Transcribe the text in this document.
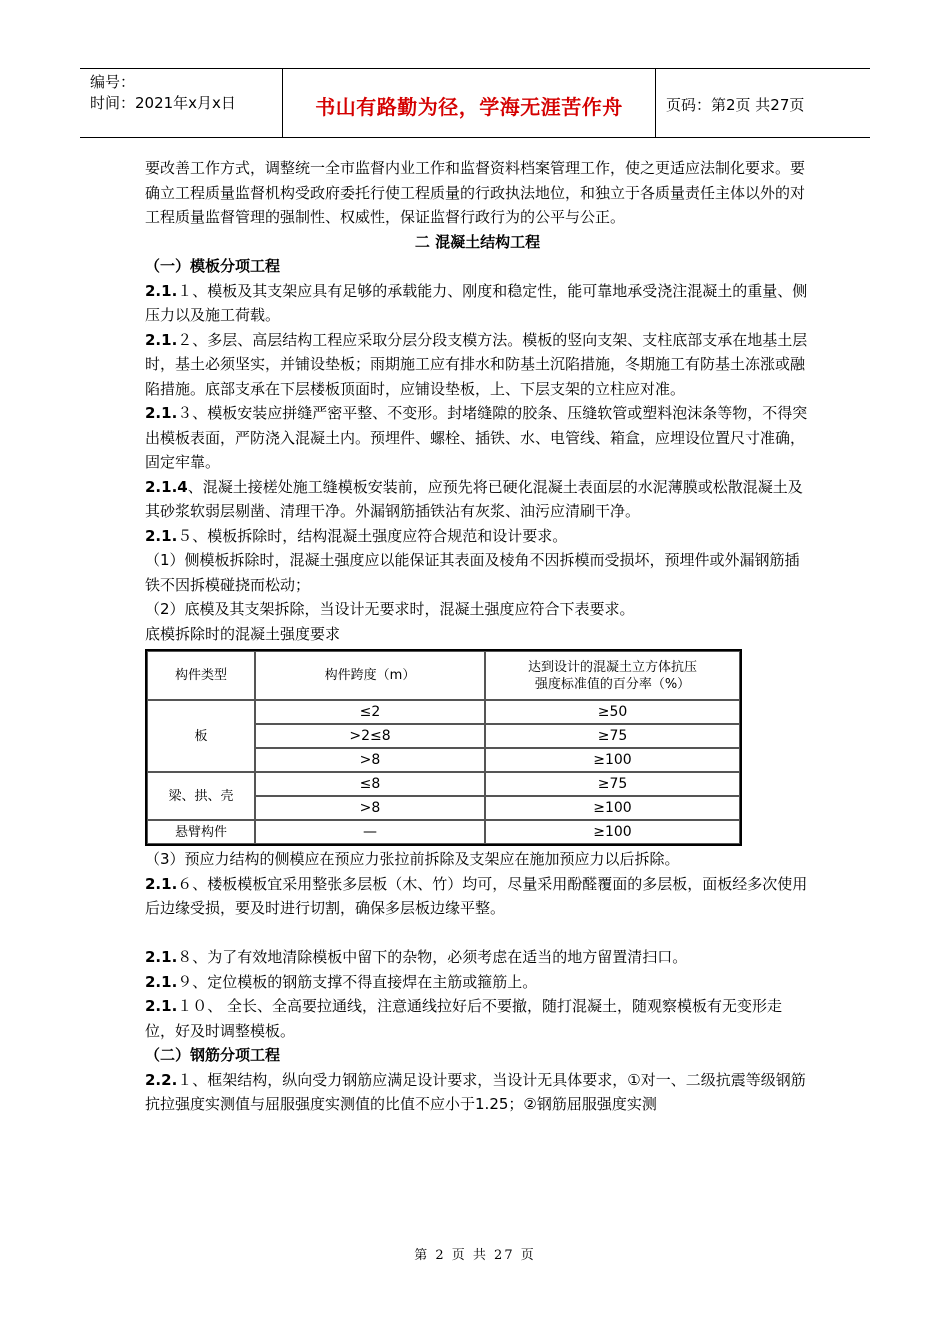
编号：
时间：2021年x月x日	书山有路勤为径，学海无涯苦作舟	页码：第2页 共27页

要改善工作方式，调整统一全市监督内业工作和监督资料档案管理工作，使之更适应法制化要求。要确立工程质量监督机构受政府委托行使工程质量的行政执法地位，和独立于各质量责任主体以外的对工程质量监督管理的强制性、权威性，保证监督行政行为的公平与公正。

二 混凝土结构工程

（一）模板分项工程

2.1.１、模板及其支架应具有足够的承载能力、刚度和稳定性，能可靠地承受浇注混凝土的重量、侧压力以及施工荷载。

2.1.２、多层、高层结构工程应采取分层分段支模方法。模板的竖向支架、支柱底部支承在地基土层时，基土必须坚实，并铺设垫板；雨期施工应有排水和防基土沉陷措施，冬期施工有防基土冻涨或融陷措施。底部支承在下层楼板顶面时，应铺设垫板，上、下层支架的立柱应对准。

2.1.３、模板安装应拼缝严密平整、不变形。封堵缝隙的胶条、压缝软管或塑料泡沫条等物，不得突出模板表面，严防浇入混凝土内。预埋件、螺栓、插铁、水、电管线、箱盒，应埋设位置尺寸准确，固定牢靠。

2.1.4、混凝土接槎处施工缝模板安装前，应预先将已硬化混凝土表面层的水泥薄膜或松散混凝土及其砂浆软弱层剔凿、清理干净。外漏钢筋插铁沾有灰浆、油污应清刷干净。

2.1.５、模板拆除时，结构混凝土强度应符合规范和设计要求。

（1）侧模板拆除时，混凝土强度应以能保证其表面及棱角不因拆模而受损坏，预埋件或外漏钢筋插铁不因拆模碰挠而松动；

（2）底模及其支架拆除，当设计无要求时，混凝土强度应符合下表要求。

底模拆除时的混凝土强度要求

构件类型	构件跨度（m）	达到设计的混凝土立方体抗压
强度标准值的百分率（%）
板	≤2	≥50
	>2≤8	≥75
	>8	≥100
梁、拱、壳	≤8	≥75
	>8	≥100
悬臂构件	—	≥100

（3）预应力结构的侧模应在预应力张拉前拆除及支架应在施加预应力以后拆除。

2.1.６、楼板模板宜采用整张多层板（木、竹）均可，尽量采用酚醛覆面的多层板，面板经多次使用后边缘受损，要及时进行切割，确保多层板边缘平整。

2.1.８、为了有效地清除模板中留下的杂物，必须考虑在适当的地方留置清扫口。

2.1.９、定位模板的钢筋支撑不得直接焊在主筋或箍筋上。

2.1.１０、 全长、全高要拉通线，注意通线拉好后不要撤，随打混凝土，随观察模板有无变形走位，好及时调整模板。

（二）钢筋分项工程

2.2.１、框架结构，纵向受力钢筋应满足设计要求，当设计无具体要求，①对一、二级抗震等级钢筋抗拉强度实测值与屈服强度实测值的比值不应小于1.25；②钢筋屈服强度实测

第 2 页 共 27 页
